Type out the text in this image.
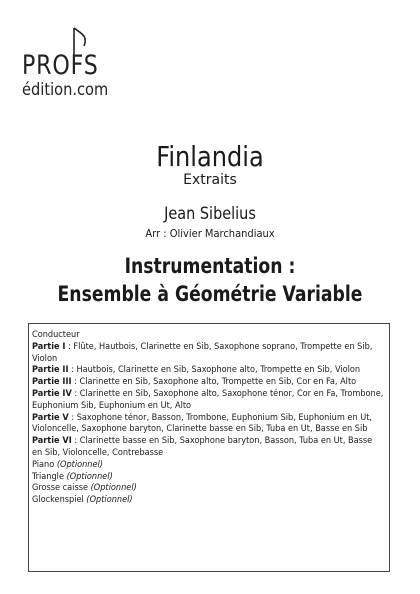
PROFS
édition.com
Finlandia
Extraits
Jean Sibelius
Arr : Olivier Marchandiaux
Instrumentation :
Ensemble à Géométrie Variable
Conducteur
Partie I : Flûte, Hautbois, Clarinette en Sib, Saxophone soprano, Trompette en Sib, Violon
Partie II : Hautbois, Clarinette en Sib, Saxophone alto, Trompette en Sib, Violon
Partie III : Clarinette en Sib, Saxophone alto, Trompette en Sib, Cor en Fa, Alto
Partie IV : Clarinette en Sib, Saxophone alto, Saxophone ténor, Cor en Fa, Trombone, Euphonium Sib, Euphonium en Ut, Alto
Partie V : Saxophone ténor, Basson, Trombone, Euphonium Sib, Euphonium en Ut, Violoncelle, Saxophone baryton, Clarinette basse en Sib, Tuba en Ut, Basse en Sib
Partie VI : Clarinette basse en Sib, Saxophone baryton, Basson, Tuba en Ut, Basse en Sib, Violoncelle, Contrebasse
Piano (Optionnel)
Triangle (Optionnel)
Grosse caisse (Optionnel)
Glockenspiel (Optionnel)
